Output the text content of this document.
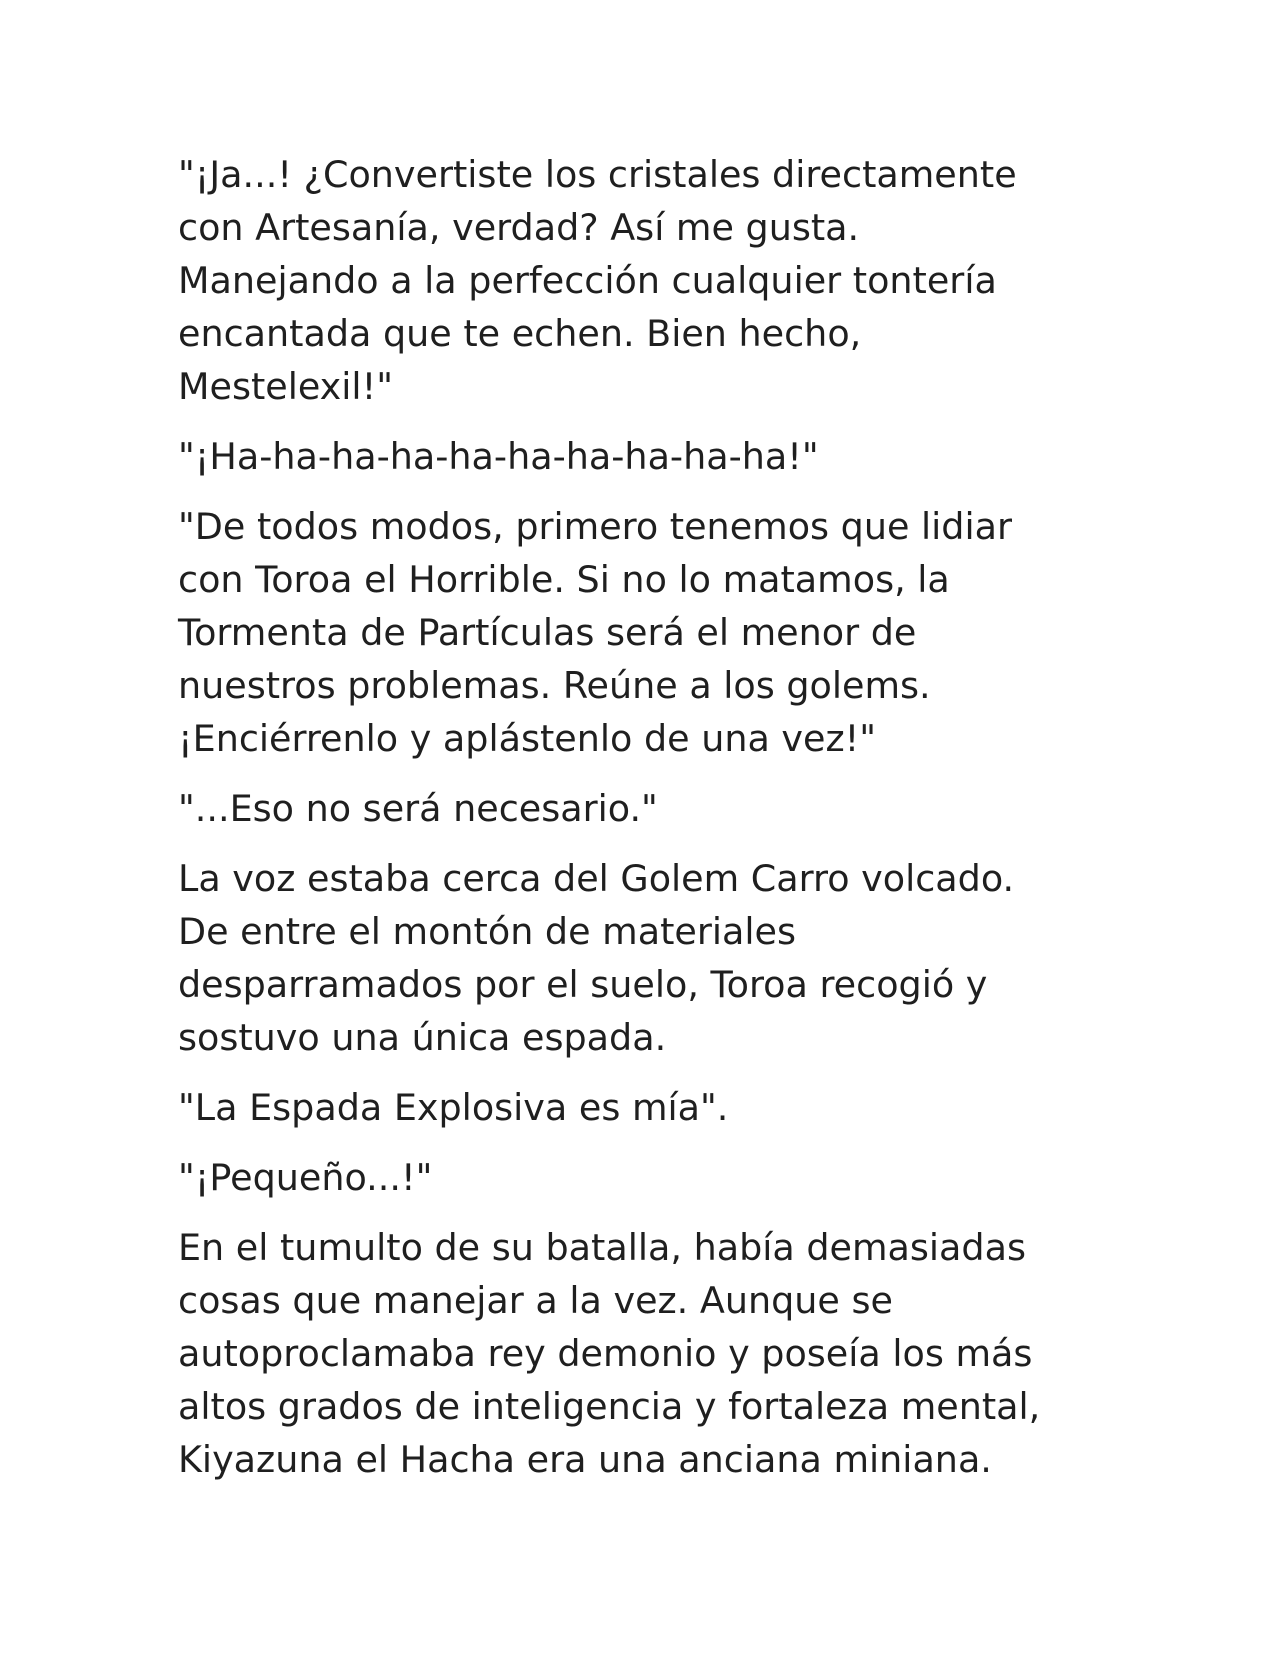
"¡Ja...! ¿Convertiste los cristales directamente
con Artesanía, verdad? Así me gusta.
Manejando a la perfección cualquier tontería
encantada que te echen. Bien hecho,
Mestelexil!"

"¡Ha-ha-ha-ha-ha-ha-ha-ha-ha-ha!"

"De todos modos, primero tenemos que lidiar
con Toroa el Horrible. Si no lo matamos, la
Tormenta de Partículas será el menor de
nuestros problemas. Reúne a los golems.
¡Enciérrenlo y aplástenlo de una vez!"

"...Eso no será necesario."

La voz estaba cerca del Golem Carro volcado.
De entre el montón de materiales
desparramados por el suelo, Toroa recogió y
sostuvo una única espada.

"La Espada Explosiva es mía".

"¡Pequeño...!"

En el tumulto de su batalla, había demasiadas
cosas que manejar a la vez. Aunque se
autoproclamaba rey demonio y poseía los más
altos grados de inteligencia y fortaleza mental,
Kiyazuna el Hacha era una anciana miniana.
